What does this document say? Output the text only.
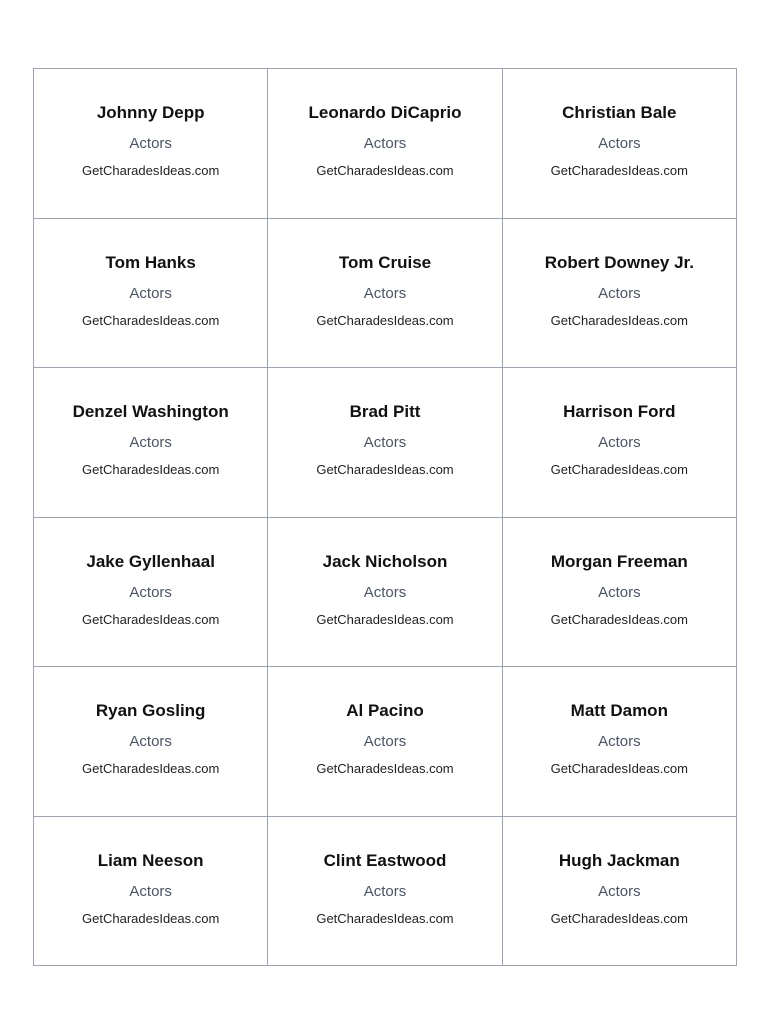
Johnny Depp
Actors
GetCharadesIdeas.com
Leonardo DiCaprio
Actors
GetCharadesIdeas.com
Christian Bale
Actors
GetCharadesIdeas.com
Tom Hanks
Actors
GetCharadesIdeas.com
Tom Cruise
Actors
GetCharadesIdeas.com
Robert Downey Jr.
Actors
GetCharadesIdeas.com
Denzel Washington
Actors
GetCharadesIdeas.com
Brad Pitt
Actors
GetCharadesIdeas.com
Harrison Ford
Actors
GetCharadesIdeas.com
Jake Gyllenhaal
Actors
GetCharadesIdeas.com
Jack Nicholson
Actors
GetCharadesIdeas.com
Morgan Freeman
Actors
GetCharadesIdeas.com
Ryan Gosling
Actors
GetCharadesIdeas.com
Al Pacino
Actors
GetCharadesIdeas.com
Matt Damon
Actors
GetCharadesIdeas.com
Liam Neeson
Actors
GetCharadesIdeas.com
Clint Eastwood
Actors
GetCharadesIdeas.com
Hugh Jackman
Actors
GetCharadesIdeas.com
